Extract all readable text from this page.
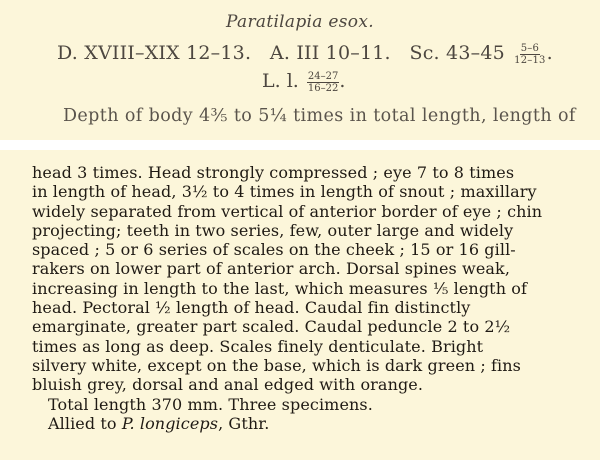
Paratilapia esox.
D. XVIII–XIX 12–13. A. III 10–11. Sc. $43-45 \frac{5-6}{12-13}$ .
L. l. $\frac{24-27}{16-22}$ .
Depth of body 4⅗ to 5¼ times in total length, length of
head 3 times. Head strongly compressed ; eye 7 to 8 times
in length of head, 3½ to 4 times in length of snout ; maxillary
widely separated from vertical of anterior border of eye ; chin
projecting; teeth in two series, few, outer large and widely
spaced ; 5 or 6 series of scales on the cheek ; 15 or 16 gill-
rakers on lower part of anterior arch. Dorsal spines weak,
increasing in length to the last, which measures ⅕ length of
head. Pectoral ½ length of head. Caudal fin distinctly
emarginate, greater part scaled. Caudal peduncle 2 to 2½
times as long as deep. Scales finely denticulate. Bright
silvery white, except on the base, which is dark green ; fins
bluish grey, dorsal and anal edged with orange.
Total length 370 mm. Three specimens.
Allied to P. longiceps, Gthr.
